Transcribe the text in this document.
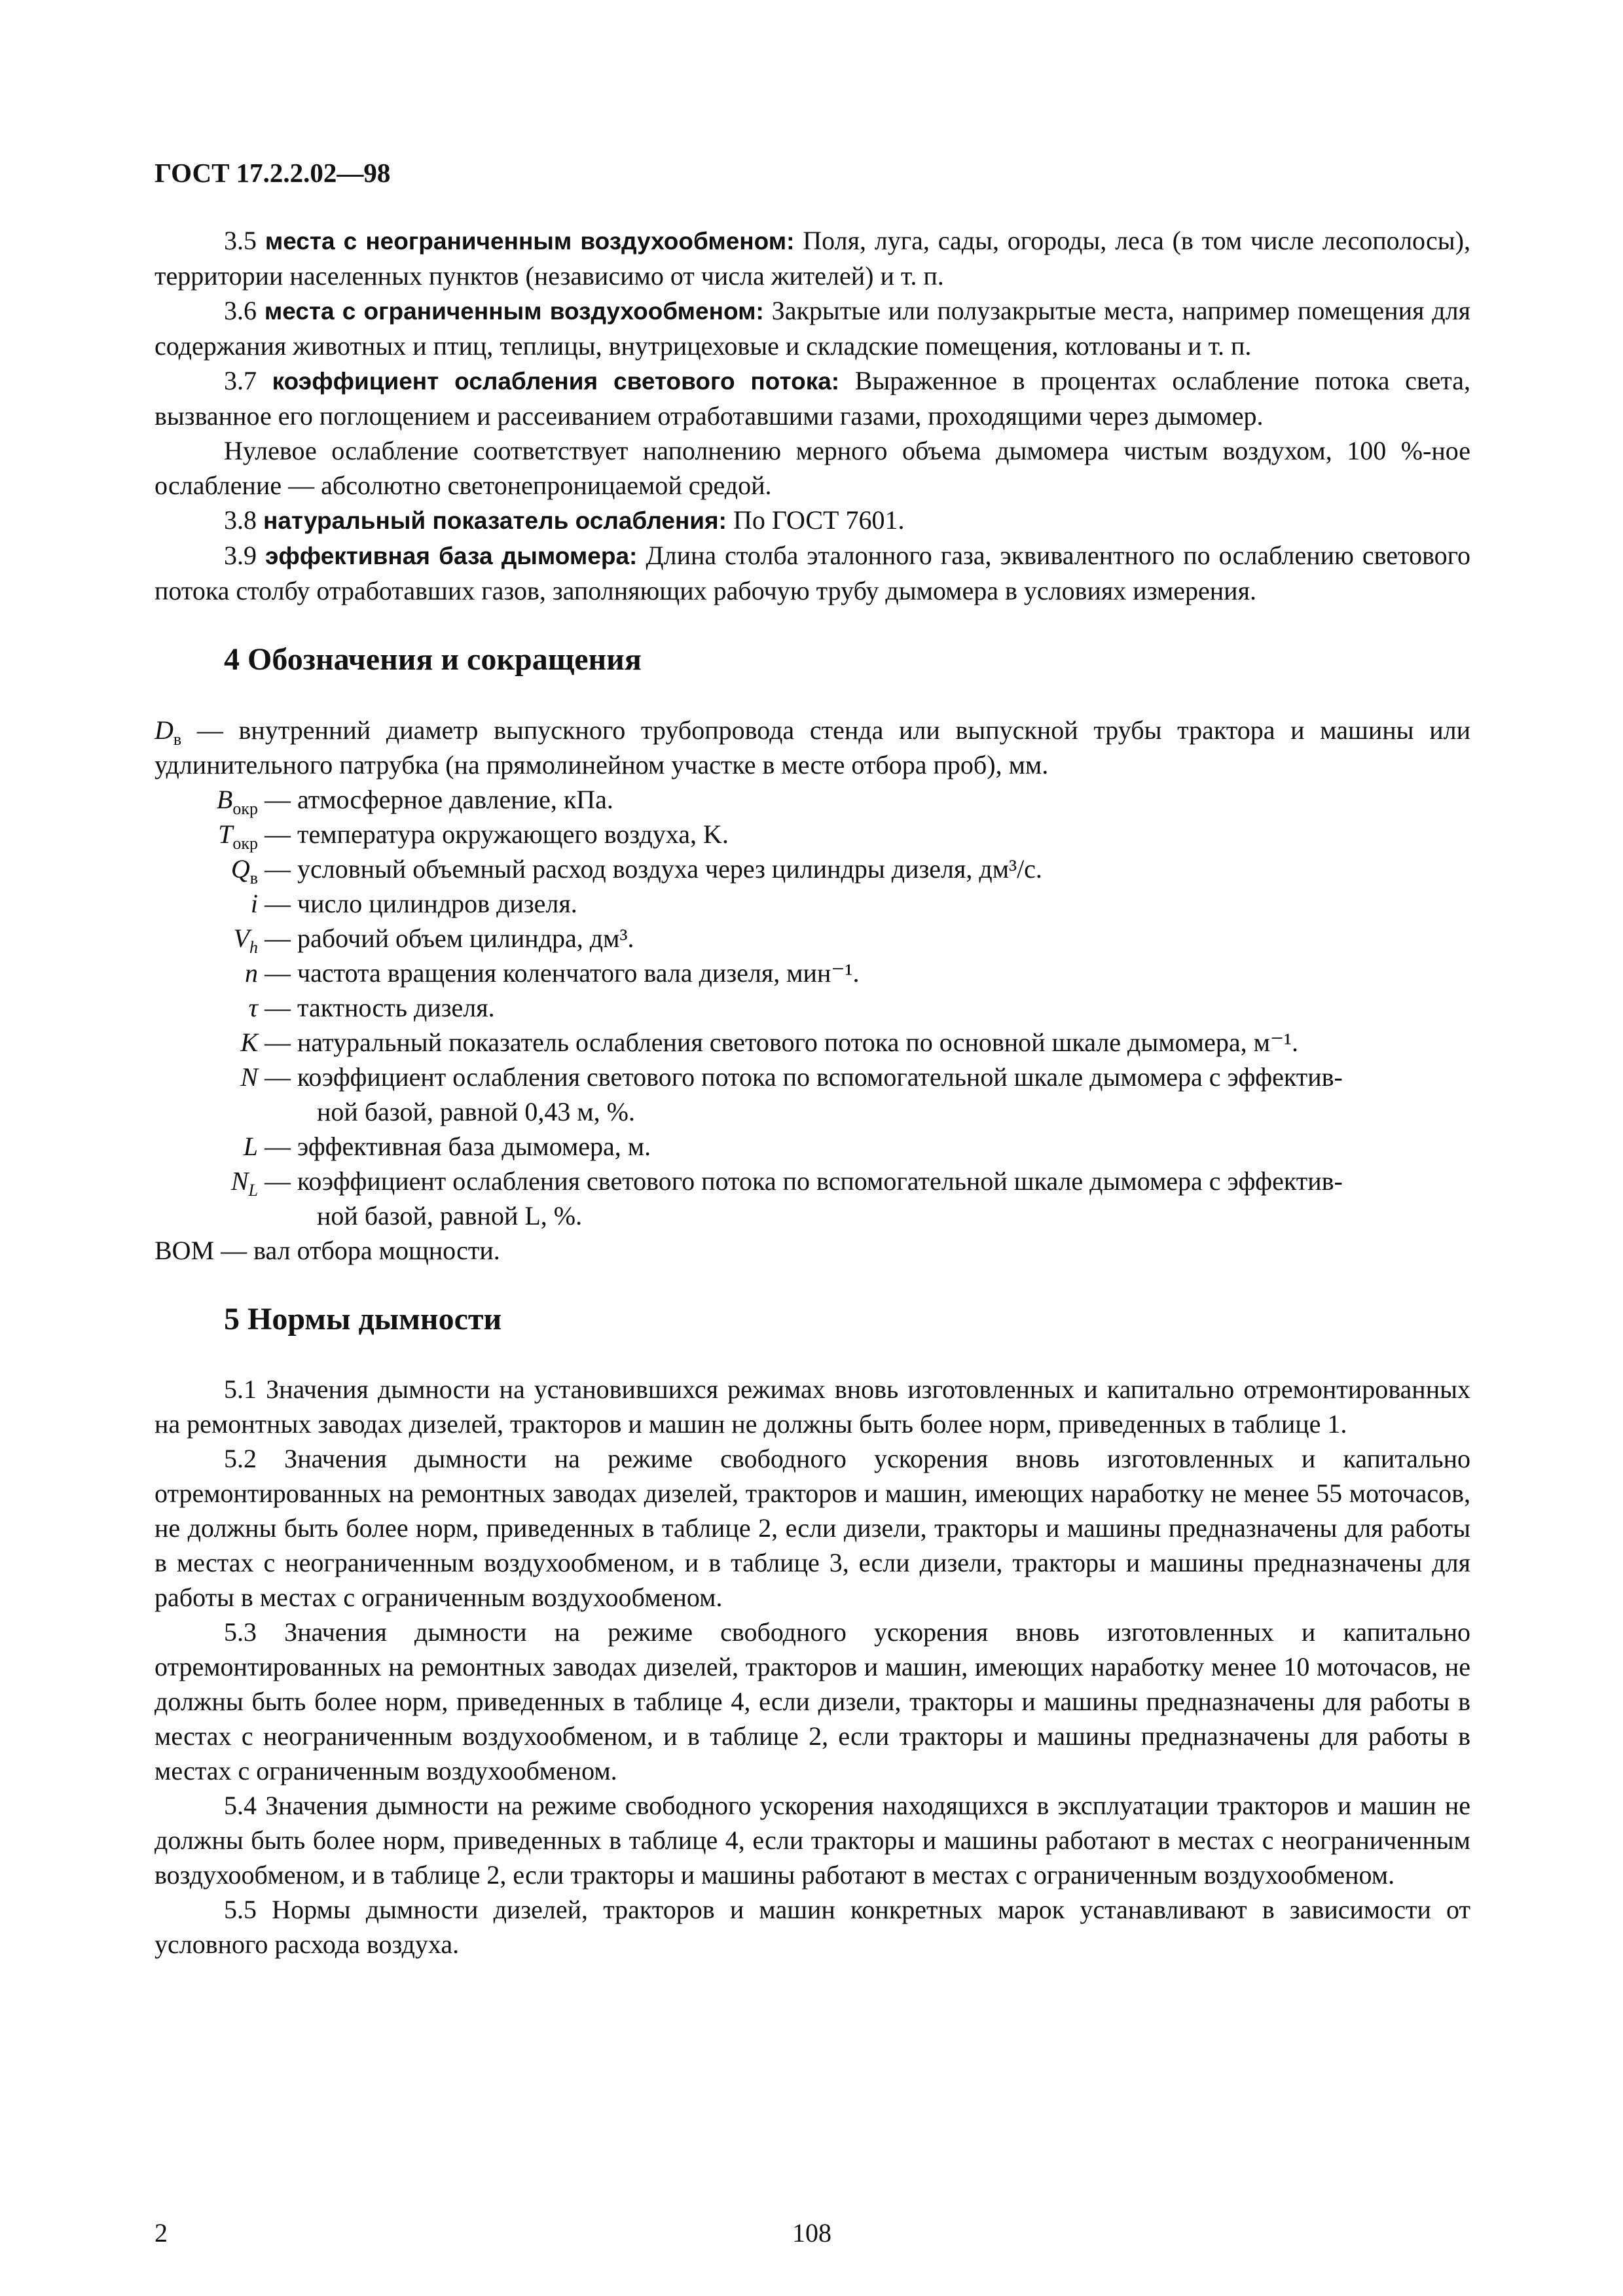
ГОСТ 17.2.2.02—98

3.5 места с неограниченным воздухообменом: Поля, луга, сады, огороды, леса (в том числе лесополосы), территории населенных пунктов (независимо от числа жителей) и т. п.

3.6 места с ограниченным воздухообменом: Закрытые или полузакрытые места, например помещения для содержания животных и птиц, теплицы, внутрицеховые и складские помещения, котлованы и т. п.

3.7 коэффициент ослабления светового потока: Выраженное в процентах ослабление потока света, вызванное его поглощением и рассеиванием отработавшими газами, проходящими через дымомер.

Нулевое ослабление соответствует наполнению мерного объема дымомера чистым воздухом, 100 %-ное ослабление — абсолютно светонепроницаемой средой.

3.8 натуральный показатель ослабления: По ГОСТ 7601.

3.9 эффективная база дымомера: Длина столба эталонного газа, эквивалентного по ослаблению светового потока столбу отработавших газов, заполняющих рабочую трубу дымомера в условиях измерения.

4 Обозначения и сокращения

$D_в$ — внутренний диаметр выпускного трубопровода стенда или выпускной трубы трактора и машины или удлинительного патрубка (на прямолинейном участке в месте отбора проб), мм.

$B_{окр}$ — атмосферное давление, кПа.
$T_{окр}$ — температура окружающего воздуха, K.
$Q_в$ — условный объемный расход воздуха через цилиндры дизеля, дм³/с.
i — число цилиндров дизеля.
$V_h$ — рабочий объем цилиндра, дм³.
n — частота вращения коленчатого вала дизеля, мин⁻¹.
τ — тактность дизеля.
K — натуральный показатель ослабления светового потока по основной шкале дымомера, м⁻¹.
N — коэффициент ослабления светового потока по вспомогательной шкале дымомера с эффектив-
ной базой, равной 0,43 м, %.
L — эффективная база дымомера, м.
$N_L$ — коэффициент ослабления светового потока по вспомогательной шкале дымомера с эффектив-
ной базой, равной L, %.
ВОМ — вал отбора мощности.
5 Нормы дымности

5.1 Значения дымности на установившихся режимах вновь изготовленных и капитально отремонтированных на ремонтных заводах дизелей, тракторов и машин не должны быть более норм, приведенных в таблице 1.

5.2 Значения дымности на режиме свободного ускорения вновь изготовленных и капитально отремонтированных на ремонтных заводах дизелей, тракторов и машин, имеющих наработку не менее 55 моточасов, не должны быть более норм, приведенных в таблице 2, если дизели, тракторы и машины предназначены для работы в местах с неограниченным воздухообменом, и в таблице 3, если дизели, тракторы и машины предназначены для работы в местах с ограниченным воздухообменом.

5.3 Значения дымности на режиме свободного ускорения вновь изготовленных и капитально отремонтированных на ремонтных заводах дизелей, тракторов и машин, имеющих наработку менее 10 моточасов, не должны быть более норм, приведенных в таблице 4, если дизели, тракторы и машины предназначены для работы в местах с неограниченным воздухообменом, и в таблице 2, если тракторы и машины предназначены для работы в местах с ограниченным воздухообменом.

5.4 Значения дымности на режиме свободного ускорения находящихся в эксплуатации тракторов и машин не должны быть более норм, приведенных в таблице 4, если тракторы и машины работают в местах с неограниченным воздухообменом, и в таблице 2, если тракторы и машины работают в местах с ограниченным воздухообменом.

5.5 Нормы дымности дизелей, тракторов и машин конкретных марок устанавливают в зависимости от условного расхода воздуха.

2	108
